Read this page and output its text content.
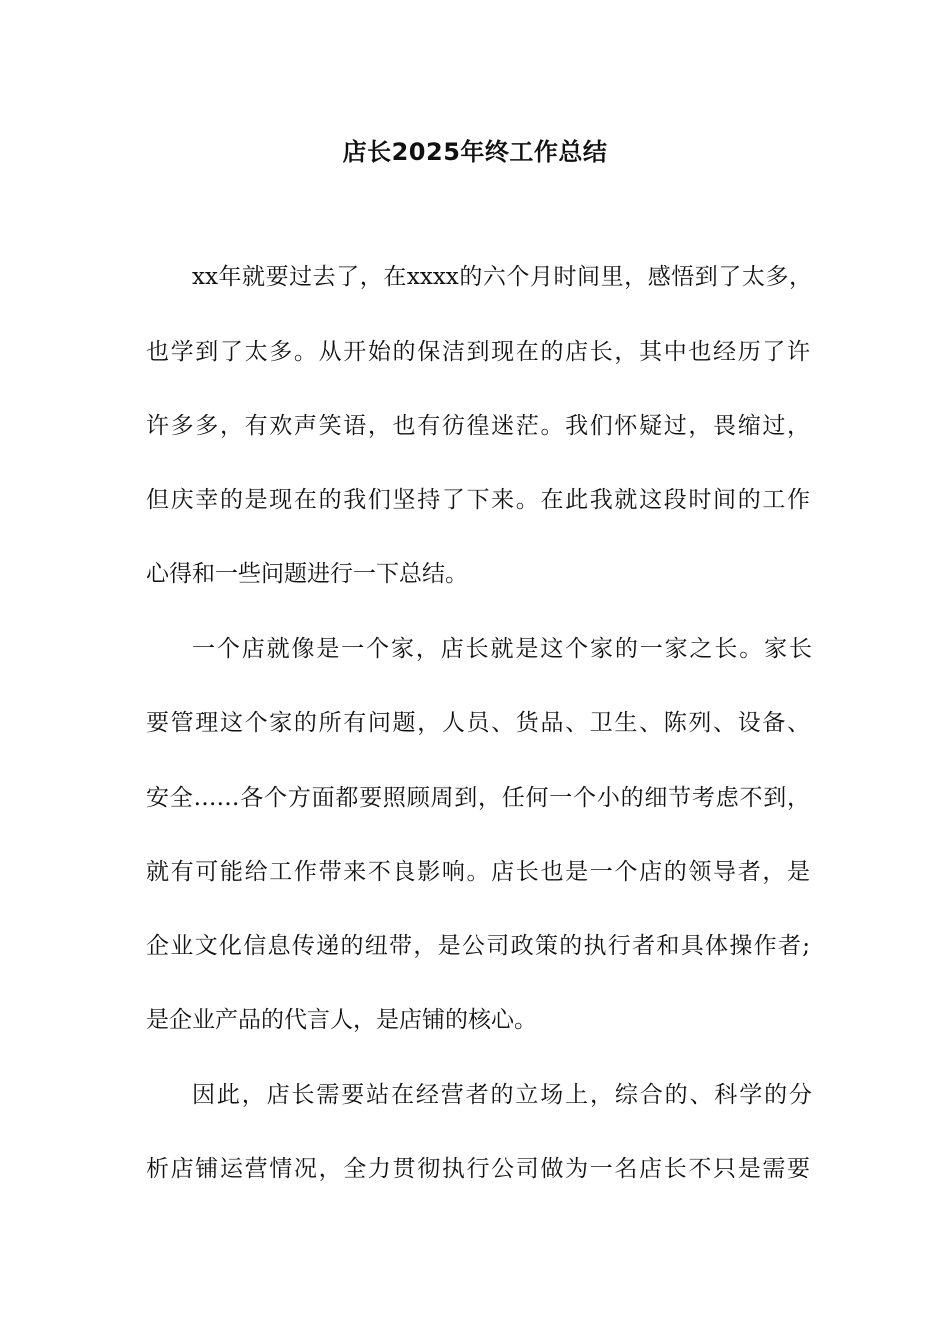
店长2025年终工作总结
xx年就要过去了，在xxxx的六个月时间里，感悟到了太多，
也学到了太多。从开始的保洁到现在的店长，其中也经历了许
许多多，有欢声笑语，也有彷徨迷茫。我们怀疑过，畏缩过，
但庆幸的是现在的我们坚持了下来。在此我就这段时间的工作
心得和一些问题进行一下总结。
一个店就像是一个家，店长就是这个家的一家之长。家长
要管理这个家的所有问题，人员、货品、卫生、陈列、设备、
安全……各个方面都要照顾周到，任何一个小的细节考虑不到，
就有可能给工作带来不良影响。店长也是一个店的领导者，是
企业文化信息传递的纽带，是公司政策的执行者和具体操作者;
是企业产品的代言人，是店铺的核心。
因此，店长需要站在经营者的立场上，综合的、科学的分
析店铺运营情况，全力贯彻执行公司做为一名店长不只是需要
